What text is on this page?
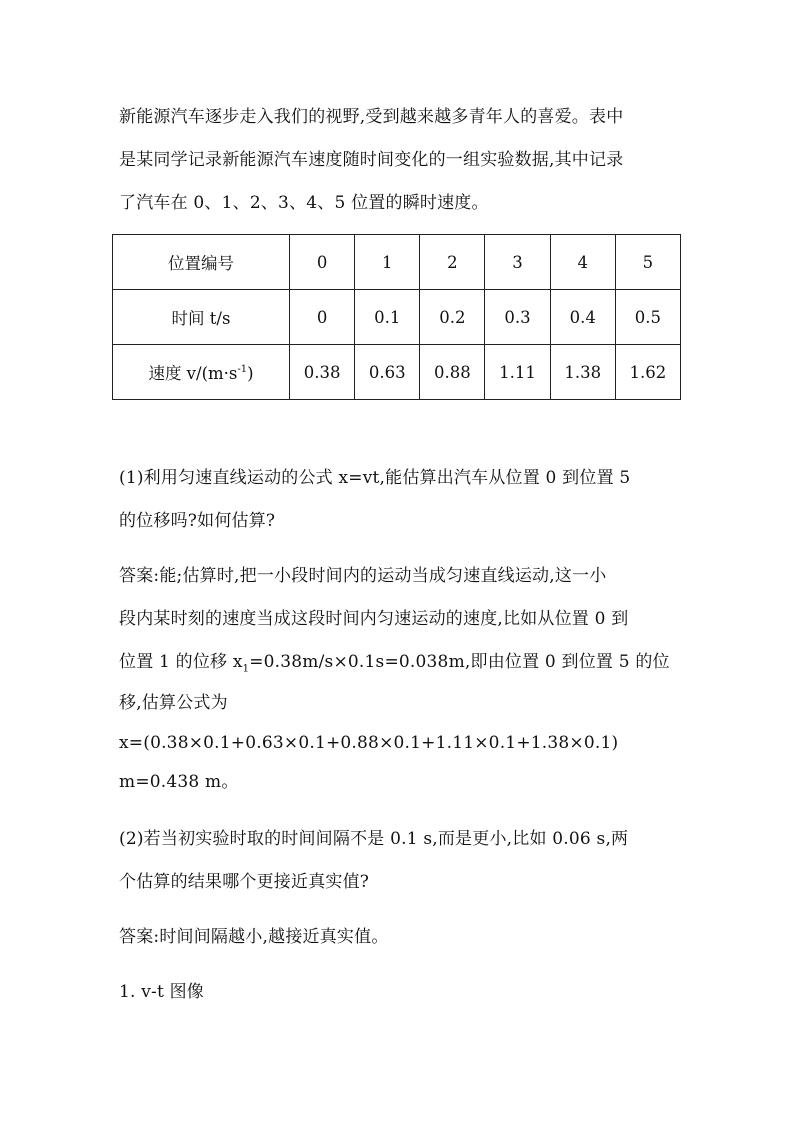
新能源汽车逐步走入我们的视野,受到越来越多青年人的喜爱。表中
是某同学记录新能源汽车速度随时间变化的一组实验数据,其中记录
了汽车在 0、1、2、3、4、5 位置的瞬时速度。
位置编号	0	1	2	3	4	5
时间 t/s	0	0.1	0.2	0.3	0.4	0.5
速度 $v/(m\cdot s^{-1})$	0.38	0.63	0.88	1.11	1.38	1.62
(1)利用匀速直线运动的公式 x=vt,能估算出汽车从位置 0 到位置 5
的位移吗?如何估算?
答案:能;估算时,把一小段时间内的运动当成匀速直线运动,这一小
段内某时刻的速度当成这段时间内匀速运动的速度,比如从位置 0 到
位置 1 的位移 $x_1=0.38m/s\times 0.1s=0.038m$,即由位置 0 到位置 5 的位
移,估算公式为
x=(0.38×0.1+0.63×0.1+0.88×0.1+1.11×0.1+1.38×0.1)
m=0.438 m。
(2)若当初实验时取的时间间隔不是 0.1 s,而是更小,比如 0.06 s,两
个估算的结果哪个更接近真实值?
答案:时间间隔越小,越接近真实值。
1. v-t 图像
